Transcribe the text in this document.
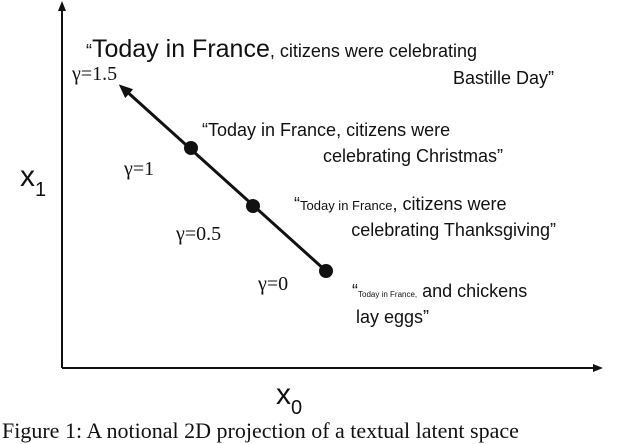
$x_1$
$x_0$
γ=1.5
γ=1
γ=0.5
γ=0
“Today in France, citizens were celebrating
Bastille Day”
“Today in France, citizens were
celebrating Christmas”
“Today in France, citizens were
celebrating Thanksgiving”
“Today in France, and chickens
lay eggs”
Figure 1: A notional 2D projection of a textual latent space
